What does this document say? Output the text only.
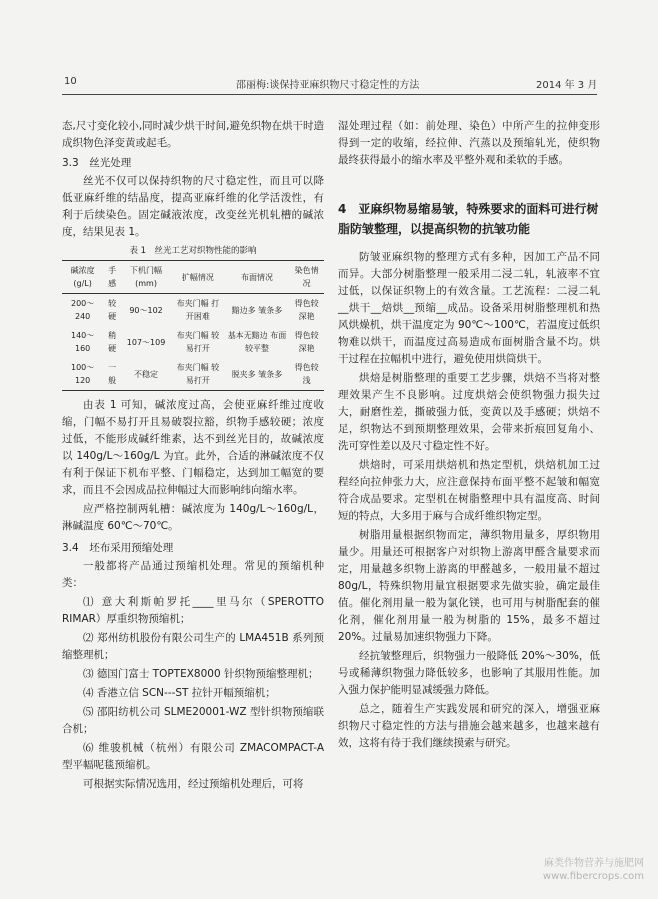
10	邵丽梅:谈保持亚麻织物尺寸稳定性的方法	2014 年 3 月

态,尺寸变化较小,同时减少烘干时间,避免织物在烘干时造成织物色泽变黄或起毛。

3.3　丝光处理

丝光不仅可以保持织物的尺寸稳定性，而且可以降低亚麻纤维的结晶度，提高亚麻纤维的化学活泼性，有利于后续染色。固定碱液浓度，改变丝光机轧槽的碱浓度，结果见表 1。

表 1　丝光工艺对织物性能的影响
碱浓度 (g/L)	手感	下机门幅 (mm)	扩幅情况	布面情况	染色情况
200～240	较硬	90～102	布夹门幅 打开困难	黯边多 皱条多	得色较深艳
140～160	稍硬	107～109	布夹门幅 较易打开	基本无黯边 布面较平整	得色较深艳
100～120	一般	不稳定	布夹门幅 较易打开	脱夹多 皱条多	得色较浅

由表 1 可知，碱浓度过高，会使亚麻纤维过度收缩，门幅不易打开且易破裂拉豁，织物手感较硬；浓度过低，不能形成碱纤维素，达不到丝光目的，故碱浓度以 140g/L～160g/L 为宜。此外，合适的淋碱浓度不仅有利于保证下机布平整、门幅稳定，达到加工幅宽的要求，而且不会因成品拉伸幅过大而影响纬向缩水率。

应严格控制两轧槽：碱浓度为 140g/L～160g/L，淋碱温度 60℃～70℃。

3.4　坯布采用预缩处理

一般都将产品通过预缩机处理。常见的预缩机种类：

⑴ 意大利斯帕罗托____里马尔（SPEROTTO RIMAR）厚重织物预缩机；

⑵ 郑州纺机股份有限公司生产的 LMA451B 系列预缩整理机；

⑶ 德国门富士 TOPTEX8000 针织物预缩整理机；

⑷ 香港立信 SCN---ST 拉针开幅预缩机；

⑸ 邵阳纺机公司 SLME20001-WZ 型针织物预缩联合机；

⑹ 维骏机械（杭州）有限公司 ZMACOMPACT-A 型平幅呢毯预缩机。

可根据实际情况选用，经过预缩机处理后，可将

湿处理过程（如：前处理、染色）中所产生的拉伸变形得到一定的收缩，经拉伸、汽蒸以及预缩轧光，使织物最终获得最小的缩水率及平整外观和柔软的手感。

4　亚麻织物易缩易皱，特殊要求的面料可进行树脂防皱整理，以提高织物的抗皱功能

防皱亚麻织物的整理方式有多种，因加工产品不同而异。大部分树脂整理一般采用二浸二轧，轧液率不宜过低，以保证织物上的有效含量。工艺流程：二浸二轧__烘干__焙烘__预缩__成品。设备采用树脂整理机和热风烘燥机，烘干温度定为 90℃～100℃，若温度过低织物难以烘干，而温度过高易造成布面树脂含量不均。烘干过程在拉幅机中进行，避免使用烘筒烘干。

烘焙是树脂整理的重要工艺步骤，烘焙不当将对整理效果产生不良影响。过度烘焙会使织物强力损失过大，耐磨性差，撕破强力低，变黄以及手感硬；烘焙不足，织物达不到预期整理效果，会带来折痕回复角小、洗可穿性差以及尺寸稳定性不好。

烘焙时，可采用烘焙机和热定型机，烘焙机加工过程经向拉伸张力大，应注意保持布面平整不起皱和幅宽符合成品要求。定型机在树脂整理中具有温度高、时间短的特点，大多用于麻与合成纤维织物定型。

树脂用量根据织物而定，薄织物用量多，厚织物用量少。用量还可根据客户对织物上游离甲醛含量要求而定，用量越多织物上游离的甲醛越多，一般用量不超过 80g/L，特殊织物用量宜根据要求先做实验，确定最佳值。催化剂用量一般为氯化镁，也可用与树脂配套的催化剂，催化剂用量一般为树脂的 15%，最多不超过 20%。过量易加速织物强力下降。

经抗皱整理后，织物强力一般降低 20%～30%，低号或稀薄织物强力降低较多，也影响了其服用性能。加入强力保护能明显减缓强力降低。

总之，随着生产实践发展和研究的深入，增强亚麻织物尺寸稳定性的方法与措施会越来越多，也越来越有效，这将有待于我们继续摸索与研究。

麻类作物营养与施肥网
www.fibercrops.com
